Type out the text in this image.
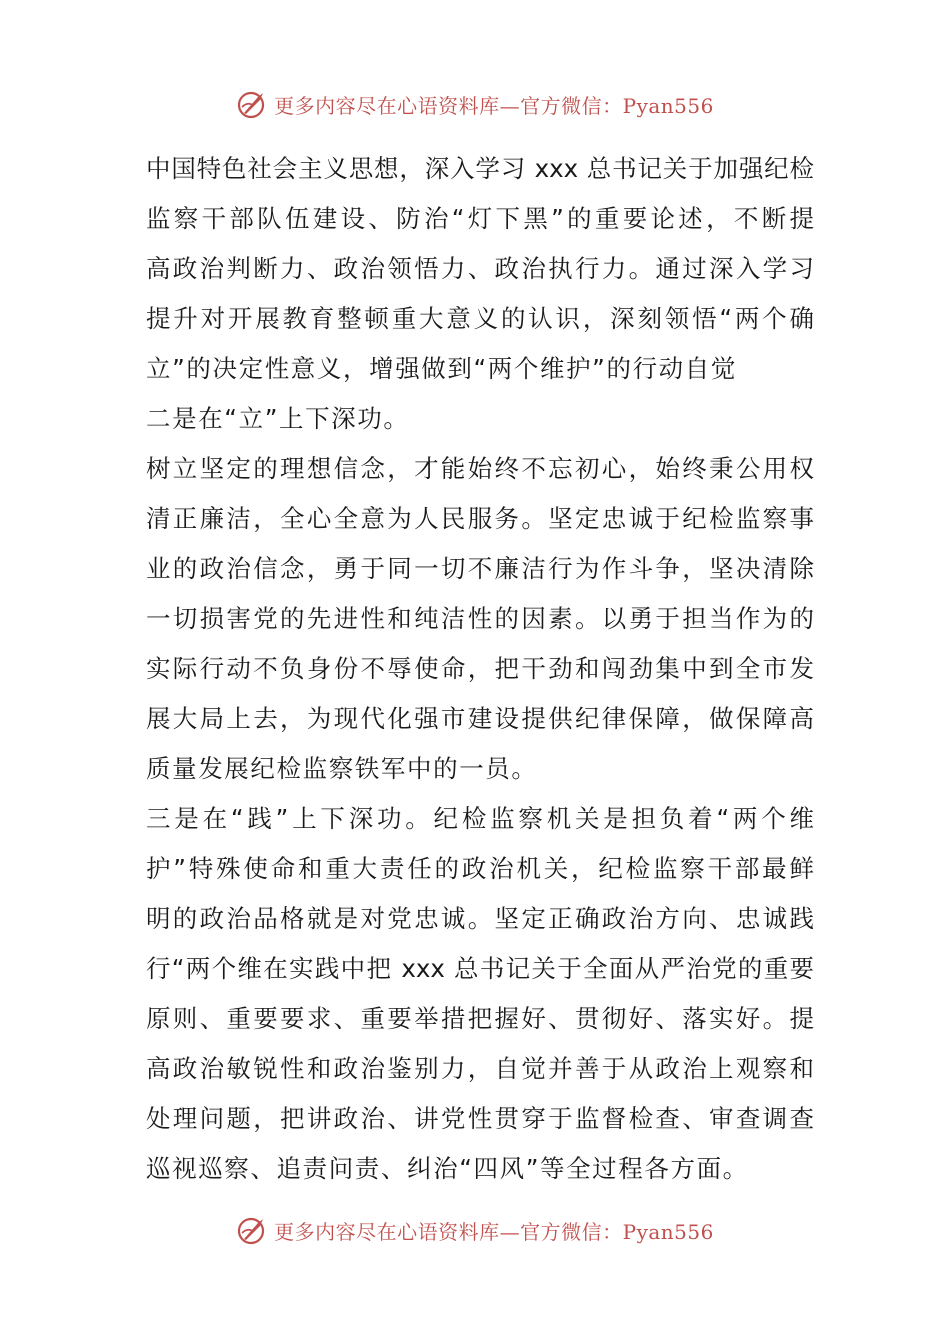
更多内容尽在心语资料库—官方微信：Pyan556
中国特色社会主义思想，深入学习 xxx 总书记关于加强纪检
监察干部队伍建设、防治“灯下黑”的重要论述，不断提
高政治判断力、政治领悟力、政治执行力。通过深入学习
提升对开展教育整顿重大意义的认识，深刻领悟“两个确
立”的决定性意义，增强做到“两个维护”的行动自觉
二是在“立”上下深功。
树立坚定的理想信念，才能始终不忘初心，始终秉公用权
清正廉洁，全心全意为人民服务。坚定忠诚于纪检监察事
业的政治信念，勇于同一切不廉洁行为作斗争，坚决清除
一切损害党的先进性和纯洁性的因素。以勇于担当作为的
实际行动不负身份不辱使命，把干劲和闯劲集中到全市发
展大局上去，为现代化强市建设提供纪律保障，做保障高
质量发展纪检监察铁军中的一员。
三是在“践”上下深功。纪检监察机关是担负着“两个维
护”特殊使命和重大责任的政治机关，纪检监察干部最鲜
明的政治品格就是对党忠诚。坚定正确政治方向、忠诚践
行“两个维在实践中把 xxx 总书记关于全面从严治党的重要
原则、重要要求、重要举措把握好、贯彻好、落实好。提
高政治敏锐性和政治鉴别力，自觉并善于从政治上观察和
处理问题，把讲政治、讲党性贯穿于监督检查、审查调查
巡视巡察、追责问责、纠治“四风”等全过程各方面。
更多内容尽在心语资料库—官方微信：Pyan556
